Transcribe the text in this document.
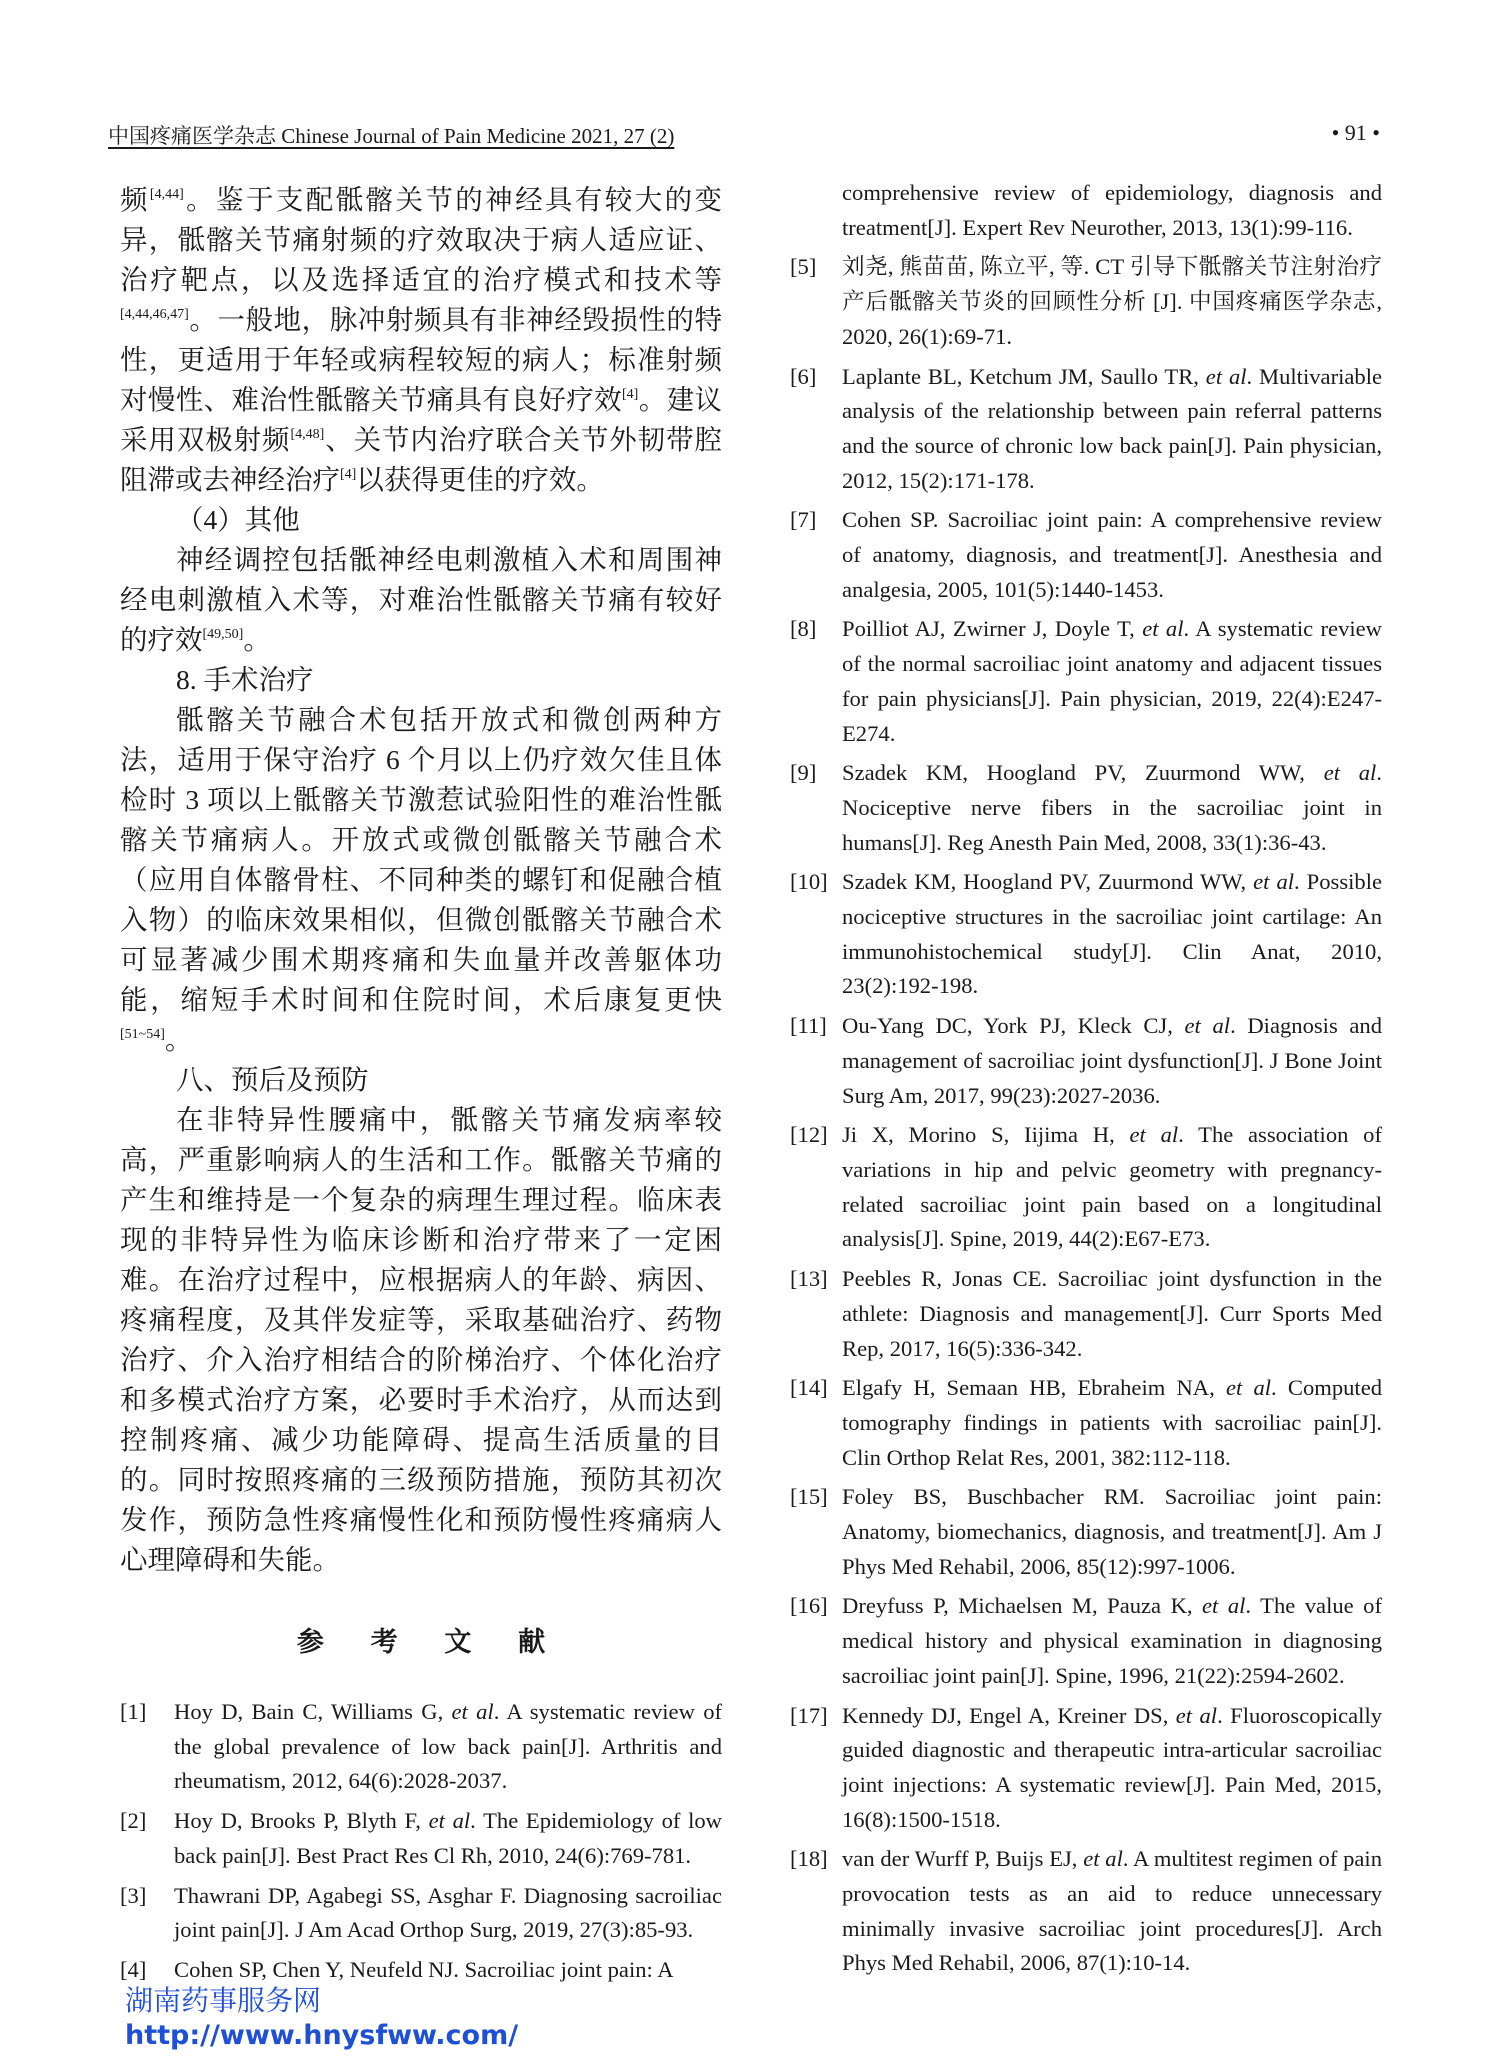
中国疼痛医学杂志 Chinese Journal of Pain Medicine 2021, 27 (2)	• 91 •

频[4,44]。鉴于支配骶髂关节的神经具有较大的变异，骶髂关节痛射频的疗效取决于病人适应证、治疗靶点，以及选择适宜的治疗模式和技术等[4,44,46,47]。一般地，脉冲射频具有非神经毁损性的特性，更适用于年轻或病程较短的病人；标准射频对慢性、难治性骶髂关节痛具有良好疗效[4]。建议采用双极射频[4,48]、关节内治疗联合关节外韧带腔阻滞或去神经治疗[4]以获得更佳的疗效。

（4）其他

神经调控包括骶神经电刺激植入术和周围神经电刺激植入术等，对难治性骶髂关节痛有较好的疗效[49,50]。

8. 手术治疗

骶髂关节融合术包括开放式和微创两种方法，适用于保守治疗 6 个月以上仍疗效欠佳且体检时 3 项以上骶髂关节激惹试验阳性的难治性骶髂关节痛病人。开放式或微创骶髂关节融合术（应用自体髂骨柱、不同种类的螺钉和促融合植入物）的临床效果相似，但微创骶髂关节融合术可显著减少围术期疼痛和失血量并改善躯体功能，缩短手术时间和住院时间，术后康复更快[51~54]。

八、预后及预防

在非特异性腰痛中，骶髂关节痛发病率较高，严重影响病人的生活和工作。骶髂关节痛的产生和维持是一个复杂的病理生理过程。临床表现的非特异性为临床诊断和治疗带来了一定困难。在治疗过程中，应根据病人的年龄、病因、疼痛程度，及其伴发症等，采取基础治疗、药物治疗、介入治疗相结合的阶梯治疗、个体化治疗和多模式治疗方案，必要时手术治疗，从而达到控制疼痛、减少功能障碍、提高生活质量的目的。同时按照疼痛的三级预防措施，预防其初次发作，预防急性疼痛慢性化和预防慢性疼痛病人心理障碍和失能。

参 考 文 献
[1]	Hoy D, Bain C, Williams G, et al. A systematic review of the global prevalence of low back pain[J]. Arthritis and rheumatism, 2012, 64(6):2028-2037.
[2]	Hoy D, Brooks P, Blyth F, et al. The Epidemiology of low back pain[J]. Best Pract Res Cl Rh, 2010, 24(6):769-781.
[3]	Thawrani DP, Agabegi SS, Asghar F. Diagnosing sacroiliac joint pain[J]. J Am Acad Orthop Surg, 2019, 27(3):85-93.
[4]	Cohen SP, Chen Y, Neufeld NJ. Sacroiliac joint pain: A
comprehensive review of epidemiology, diagnosis and treatment[J]. Expert Rev Neurother, 2013, 13(1):99-116.
[5]	刘尧, 熊苗苗, 陈立平, 等. CT 引导下骶髂关节注射治疗产后骶髂关节炎的回顾性分析 [J]. 中国疼痛医学杂志, 2020, 26(1):69-71.
[6]	Laplante BL, Ketchum JM, Saullo TR, et al. Multivariable analysis of the relationship between pain referral patterns and the source of chronic low back pain[J]. Pain physician, 2012, 15(2):171-178.
[7]	Cohen SP. Sacroiliac joint pain: A comprehensive review of anatomy, diagnosis, and treatment[J]. Anesthesia and analgesia, 2005, 101(5):1440-1453.
[8]	Poilliot AJ, Zwirner J, Doyle T, et al. A systematic review of the normal sacroiliac joint anatomy and adjacent tissues for pain physicians[J]. Pain physician, 2019, 22(4):E247-E274.
[9]	Szadek KM, Hoogland PV, Zuurmond WW, et al. Nociceptive nerve fibers in the sacroiliac joint in humans[J]. Reg Anesth Pain Med, 2008, 33(1):36-43.
[10] Szadek KM, Hoogland PV, Zuurmond WW, et al. Possible nociceptive structures in the sacroiliac joint cartilage: An immunohistochemical study[J]. Clin Anat, 2010, 23(2):192-198.
[11] Ou-Yang DC, York PJ, Kleck CJ, et al. Diagnosis and management of sacroiliac joint dysfunction[J]. J Bone Joint Surg Am, 2017, 99(23):2027-2036.
[12] Ji X, Morino S, Iijima H, et al. The association of variations in hip and pelvic geometry with pregnancy-related sacroiliac joint pain based on a longitudinal analysis[J]. Spine, 2019, 44(2):E67-E73.
[13] Peebles R, Jonas CE. Sacroiliac joint dysfunction in the athlete: Diagnosis and management[J]. Curr Sports Med Rep, 2017, 16(5):336-342.
[14] Elgafy H, Semaan HB, Ebraheim NA, et al. Computed tomography findings in patients with sacroiliac pain[J]. Clin Orthop Relat Res, 2001, 382:112-118.
[15] Foley BS, Buschbacher RM. Sacroiliac joint pain: Anatomy, biomechanics, diagnosis, and treatment[J]. Am J Phys Med Rehabil, 2006, 85(12):997-1006.
[16] Dreyfuss P, Michaelsen M, Pauza K, et al. The value of medical history and physical examination in diagnosing sacroiliac joint pain[J]. Spine, 1996, 21(22):2594-2602.
[17] Kennedy DJ, Engel A, Kreiner DS, et al. Fluoroscopically guided diagnostic and therapeutic intra-articular sacroiliac joint injections: A systematic review[J]. Pain Med, 2015, 16(8):1500-1518.
[18] van der Wurff P, Buijs EJ, et al. A multitest regimen of pain provocation tests as an aid to reduce unnecessary minimally invasive sacroiliac joint procedures[J]. Arch Phys Med Rehabil, 2006, 87(1):10-14.
湖南药事服务网
http://www.hnysfww.com/
